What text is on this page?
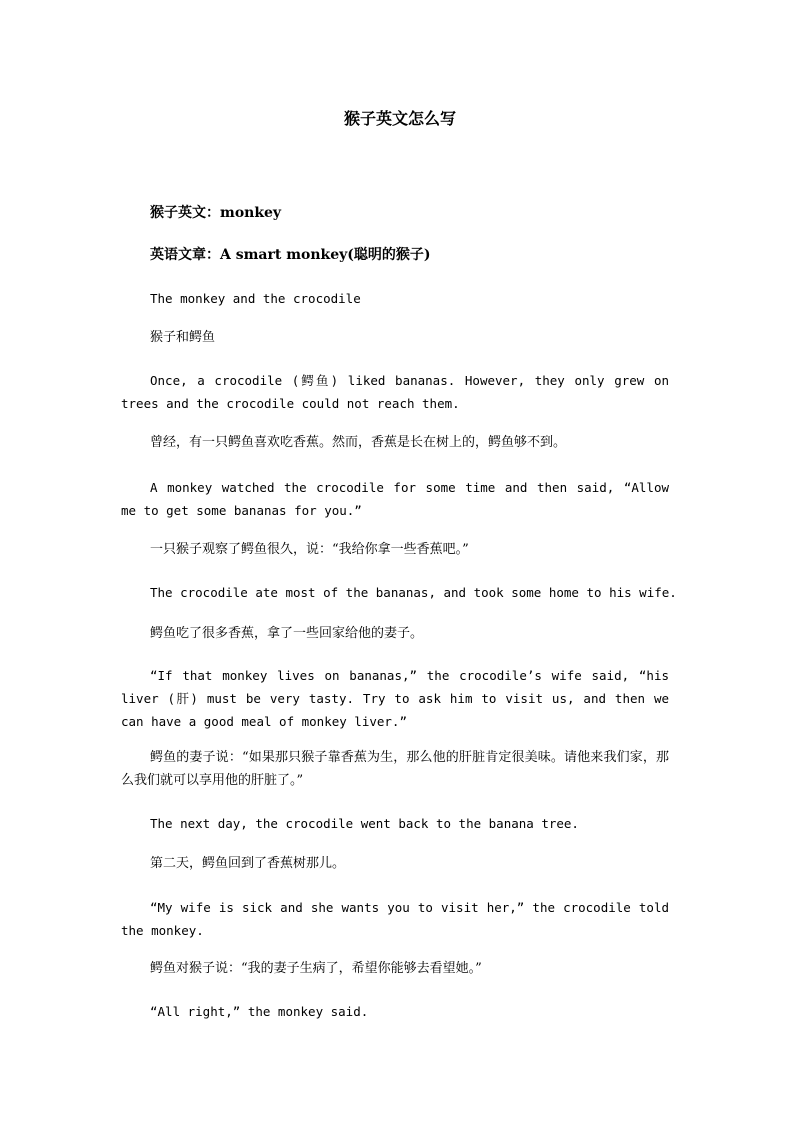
猴子英文怎么写

猴子英文：monkey

英语文章：A smart monkey(聪明的猴子)

The monkey and the crocodile

猴子和鳄鱼

Once, a crocodile (鳄鱼) liked bananas. However, they only grew on trees and the crocodile could not reach them.

曾经，有一只鳄鱼喜欢吃香蕉。然而，香蕉是长在树上的，鳄鱼够不到。

A monkey watched the crocodile for some time and then said, “Allow me to get some bananas for you.”

一只猴子观察了鳄鱼很久，说：“我给你拿一些香蕉吧。”

The crocodile ate most of the bananas, and took some home to his wife.

鳄鱼吃了很多香蕉，拿了一些回家给他的妻子。

“If that monkey lives on bananas,” the crocodile’s wife said, “his liver (肝) must be very tasty. Try to ask him to visit us, and then we can have a good meal of monkey liver.”

鳄鱼的妻子说：“如果那只猴子靠香蕉为生，那么他的肝脏肯定很美味。请他来我们家，那么我们就可以享用他的肝脏了。”

The next day, the crocodile went back to the banana tree.

第二天，鳄鱼回到了香蕉树那儿。

“My wife is sick and she wants you to visit her,” the crocodile told the monkey.

鳄鱼对猴子说：“我的妻子生病了，希望你能够去看望她。”

“All right,” the monkey said.
